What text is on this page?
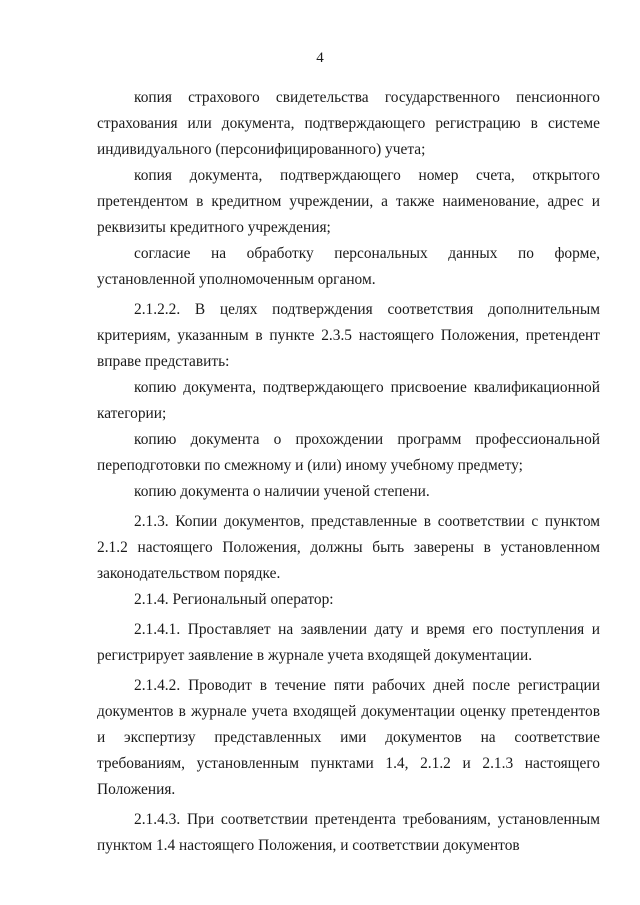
4

копия страхового свидетельства государственного пенсионного страхования или документа, подтверждающего регистрацию в системе индивидуального (персонифицированного) учета;

копия документа, подтверждающего номер счета, открытого претендентом в кредитном учреждении, а также наименование, адрес и реквизиты кредитного учреждения;

согласие на обработку персональных данных по форме, установленной уполномоченным органом.

2.1.2.2. В целях подтверждения соответствия дополнительным критериям, указанным в пункте 2.3.5 настоящего Положения, претендент вправе представить:

копию документа, подтверждающего присвоение квалификационной категории;

копию документа о прохождении программ профессиональной переподготовки по смежному и (или) иному учебному предмету;

копию документа о наличии ученой степени.

2.1.3. Копии документов, представленные в соответствии с пунктом 2.1.2 настоящего Положения, должны быть заверены в установленном законодательством порядке.

2.1.4. Региональный оператор:

2.1.4.1. Проставляет на заявлении дату и время его поступления и регистрирует заявление в журнале учета входящей документации.

2.1.4.2. Проводит в течение пяти рабочих дней после регистрации документов в журнале учета входящей документации оценку претендентов и экспертизу представленных ими документов на соответствие требованиям, установленным пунктами 1.4, 2.1.2 и 2.1.3 настоящего Положения.

2.1.4.3. При соответствии претендента требованиям, установленным пунктом 1.4 настоящего Положения, и соответствии документов
